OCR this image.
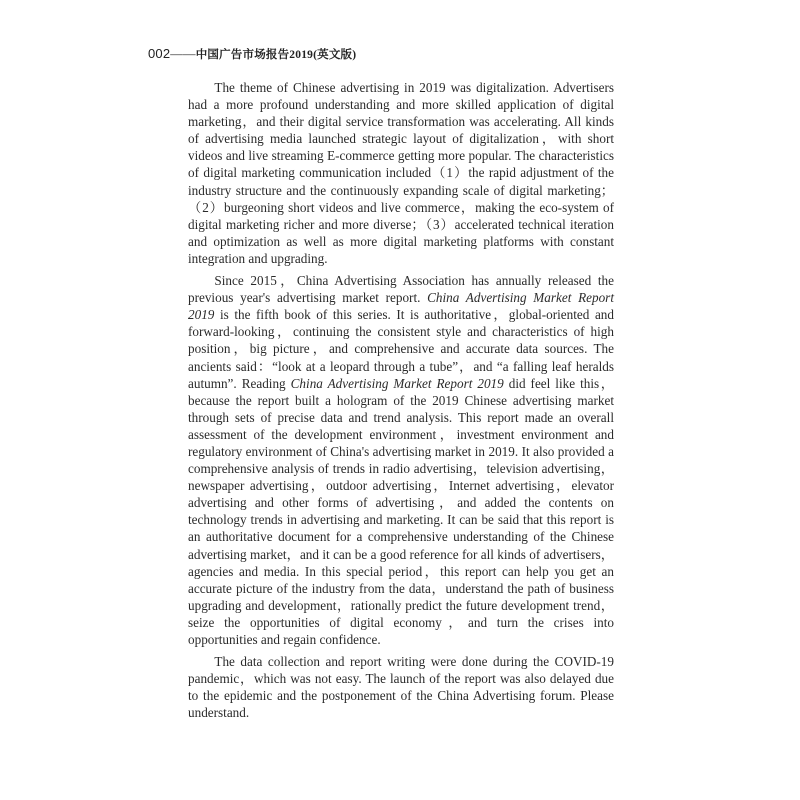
002——中国广告市场报告2019(英文版)

The theme of Chinese advertising in 2019 was digitalization. Advertisers had a more profound understanding and more skilled application of digital marketing，and their digital service transformation was accelerating. All kinds of advertising media launched strategic layout of digitalization，with short videos and live streaming E-commerce getting more popular. The characteristics of digital marketing communication included（1）the rapid adjustment of the industry structure and the continuously expanding scale of digital marketing；（2）burgeoning short videos and live commerce，making the eco-system of digital marketing richer and more diverse；（3）accelerated technical iteration and optimization as well as more digital marketing platforms with constant integration and upgrading.

Since 2015，China Advertising Association has annually released the previous year's advertising market report. China Advertising Market Report 2019 is the fifth book of this series. It is authoritative，global-oriented and forward-looking，continuing the consistent style and characteristics of high position，big picture，and comprehensive and accurate data sources. The ancients said：“look at a leopard through a tube”，and “a falling leaf heralds autumn”. Reading China Advertising Market Report 2019 did feel like this，because the report built a hologram of the 2019 Chinese advertising market through sets of precise data and trend analysis. This report made an overall assessment of the development environment，investment environment and regulatory environment of China's advertising market in 2019. It also provided a comprehensive analysis of trends in radio advertising，television advertising，newspaper advertising，outdoor advertising，Internet advertising，elevator advertising and other forms of advertising，and added the contents on technology trends in advertising and marketing. It can be said that this report is an authoritative document for a comprehensive understanding of the Chinese advertising market，and it can be a good reference for all kinds of advertisers，agencies and media. In this special period，this report can help you get an accurate picture of the industry from the data，understand the path of business upgrading and development，rationally predict the future development trend，seize the opportunities of digital economy，and turn the crises into opportunities and regain confidence.

The data collection and report writing were done during the COVID-19 pandemic，which was not easy. The launch of the report was also delayed due to the epidemic and the postponement of the China Advertising forum. Please understand.
